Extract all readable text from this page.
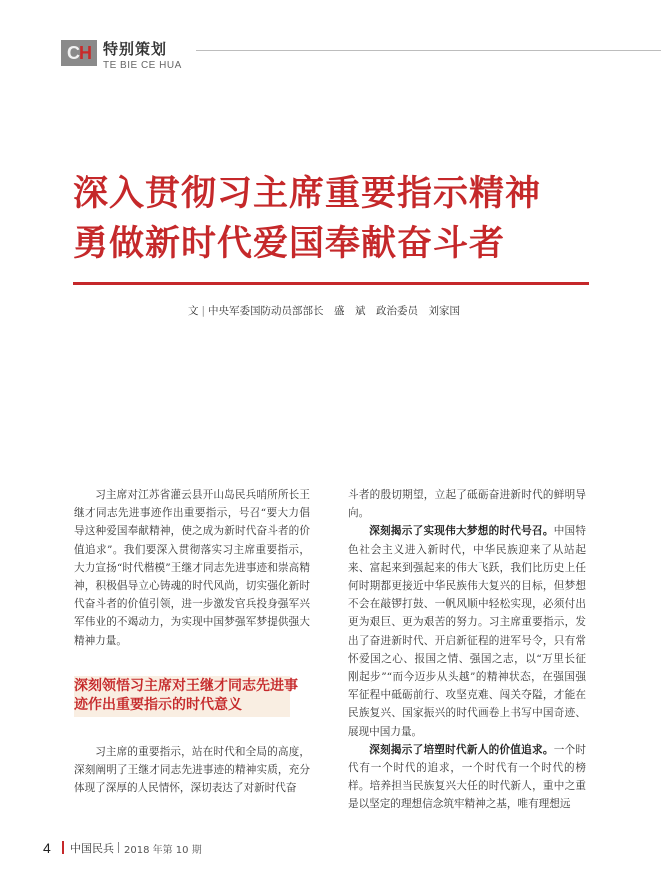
C H 特别策划
TE BIE CE HUA
深入贯彻习主席重要指示精神
勇做新时代爱国奉献奋斗者
文 | 中央军委国防动员部部长　盛　斌　政治委员　刘家国

习主席对江苏省灌云县开山岛民兵哨所所长王继才同志先进事迹作出重要指示，号召“要大力倡导这种爱国奉献精神，使之成为新时代奋斗者的价值追求”。我们要深入贯彻落实习主席重要指示，大力宣扬“时代楷模”王继才同志先进事迹和崇高精神，积极倡导立心铸魂的时代风尚，切实强化新时代奋斗者的价值引领，进一步激发官兵投身强军兴军伟业的不竭动力，为实现中国梦强军梦提供强大精神力量。

深刻领悟习主席对王继才同志先进事迹作出重要指示的时代意义

习主席的重要指示，站在时代和全局的高度，深刻阐明了王继才同志先进事迹的精神实质，充分体现了深厚的人民情怀，深切表达了对新时代奋

斗者的殷切期望，立起了砥砺奋进新时代的鲜明导向。

深刻揭示了实现伟大梦想的时代号召。中国特色社会主义进入新时代，中华民族迎来了从站起来、富起来到强起来的伟大飞跃，我们比历史上任何时期都更接近中华民族伟大复兴的目标，但梦想不会在敲锣打鼓、一帆风顺中轻松实现，必须付出更为艰巨、更为艰苦的努力。习主席重要指示，发出了奋进新时代、开启新征程的进军号令，只有常怀爱国之心、报国之情、强国之志，以“万里长征刚起步”“而今迈步从头越”的精神状态，在强国强军征程中砥砺前行、攻坚克难、闯关夺隘，才能在民族复兴、国家振兴的时代画卷上书写中国奇迹、展现中国力量。

深刻揭示了培塑时代新人的价值追求。一个时代有一个时代的追求，一个时代有一个时代的榜样。培养担当民族复兴大任的时代新人，重中之重是以坚定的理想信念筑牢精神之基，唯有理想远

4 中国民兵 2018 年第 10 期
